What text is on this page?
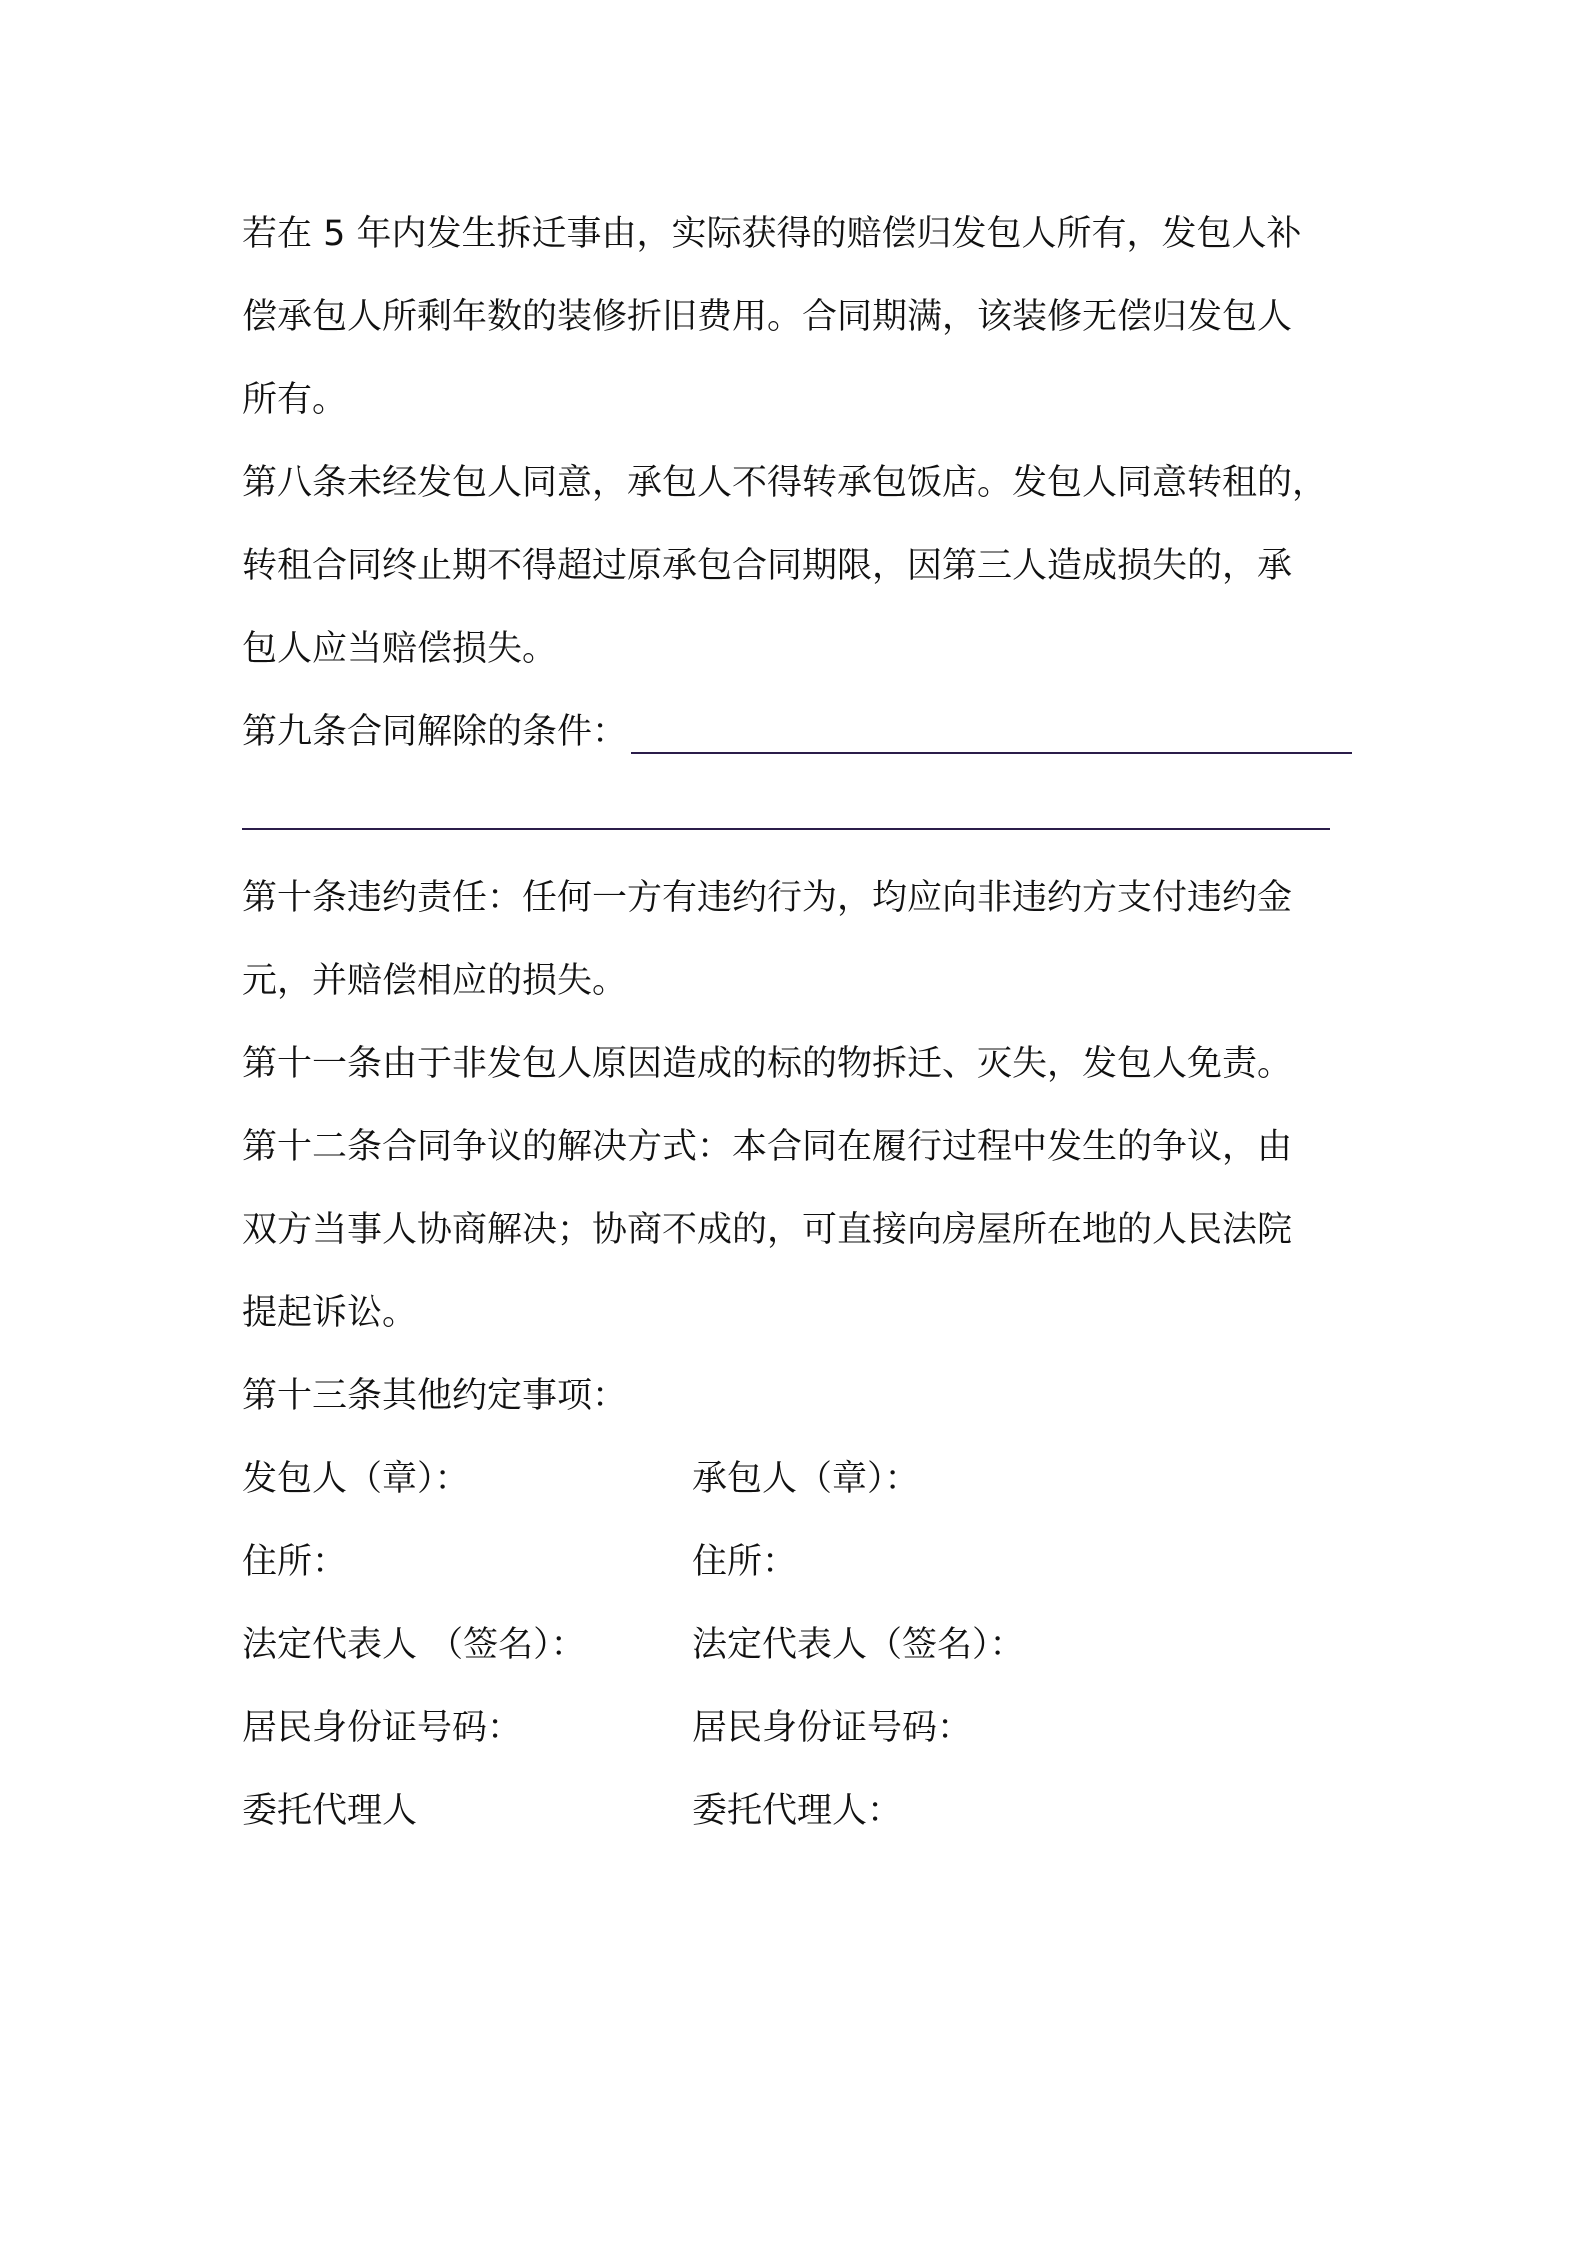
若在 5 年内发生拆迁事由，实际获得的赔偿归发包人所有，发包人补
偿承包人所剩年数的装修折旧费用。合同期满，该装修无偿归发包人
所有。
第八条未经发包人同意，承包人不得转承包饭店。发包人同意转租的，
转租合同终止期不得超过原承包合同期限，因第三人造成损失的，承
包人应当赔偿损失。
第九条合同解除的条件：
第十条违约责任：任何一方有违约行为，均应向非违约方支付违约金
元，并赔偿相应的损失。
第十一条由于非发包人原因造成的标的物拆迁、灭失，发包人免责。
第十二条合同争议的解决方式：本合同在履行过程中发生的争议，由
双方当事人协商解决；协商不成的，可直接向房屋所在地的人民法院
提起诉讼。
第十三条其他约定事项：
发包人（章）：	承包人（章）：
住所：	住所：
法定代表人 （签名）：	法定代表人（签名）：
居民身份证号码：	居民身份证号码：
委托代理人	委托代理人：
